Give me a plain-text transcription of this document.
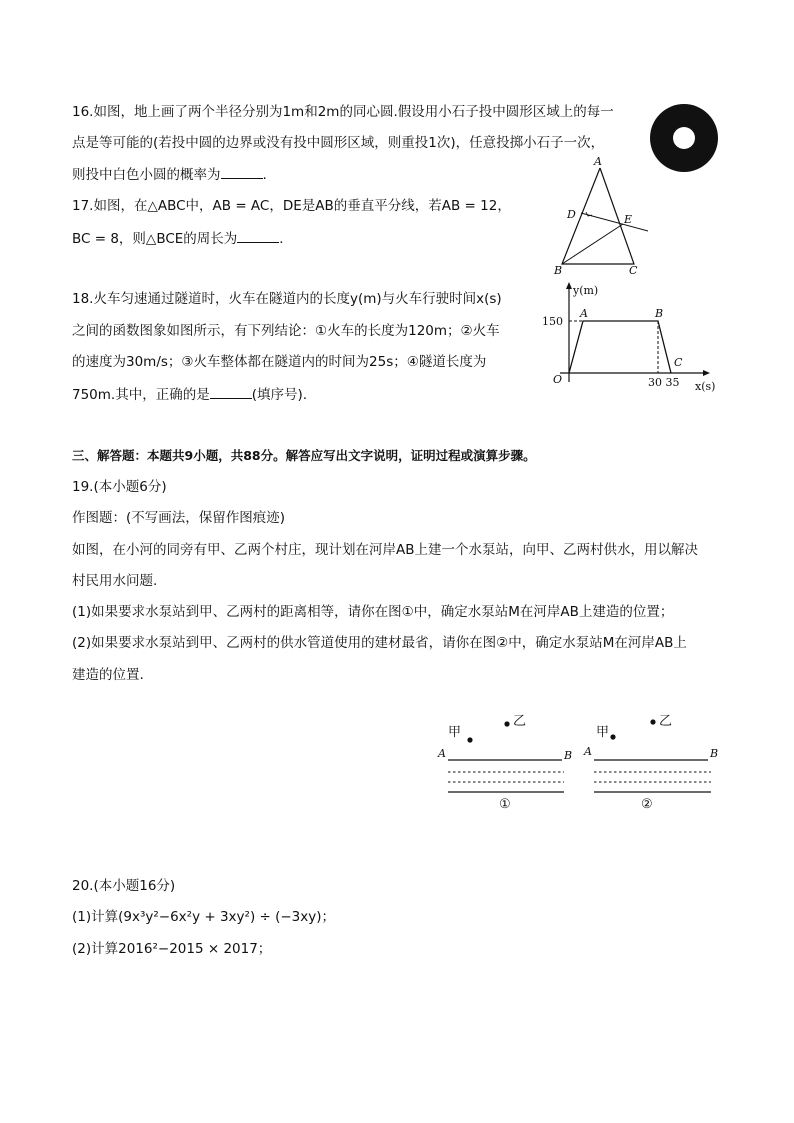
16.如图，地上画了两个半径分别为1m和2m的同心圆.假设用小石子投中圆形区域上的每一
点是等可能的(若投中圆的边界或没有投中圆形区域，则重投1次)，任意投掷小石子一次，
则投中白色小圆的概率为	.
17.如图，在△ABC中，AB = AC，DE是AB的垂直平分线，若AB = 12，
BC = 8，则△BCE的周长为	.
A
D	E
B	C
18.火车匀速通过隧道时，火车在隧道内的长度y(m)与火车行驶时间x(s)
之间的函数图象如图所示，有下列结论：①火车的长度为120m；②火车
的速度为30m/s；③火车整体都在隧道内的时间为25s；④隧道长度为
750m.其中，正确的是	(填序号).
y(m)
150
A	B
C
O	30 35 x(s)
三、解答题：本题共9小题，共88分。解答应写出文字说明，证明过程或演算步骤。
19.(本小题6分)
作图题：(不写画法，保留作图痕迹)
如图，在小河的同旁有甲、乙两个村庄，现计划在河岸AB上建一个水泵站，向甲、乙两村供水，用以解决
村民用水问题.
(1)如果要求水泵站到甲、乙两村的距离相等，请你在图①中，确定水泵站M在河岸AB上建造的位置；
(2)如果要求水泵站到甲、乙两村的供水管道使用的建材最省，请你在图②中，确定水泵站M在河岸AB上
建造的位置.
甲
乙
A	B
①
甲
乙
A	B
②
20.(本小题16分)
(1)计算(9x³y²−6x²y + 3xy²) ÷ (−3xy)；
(2)计算2016²−2015 × 2017；
